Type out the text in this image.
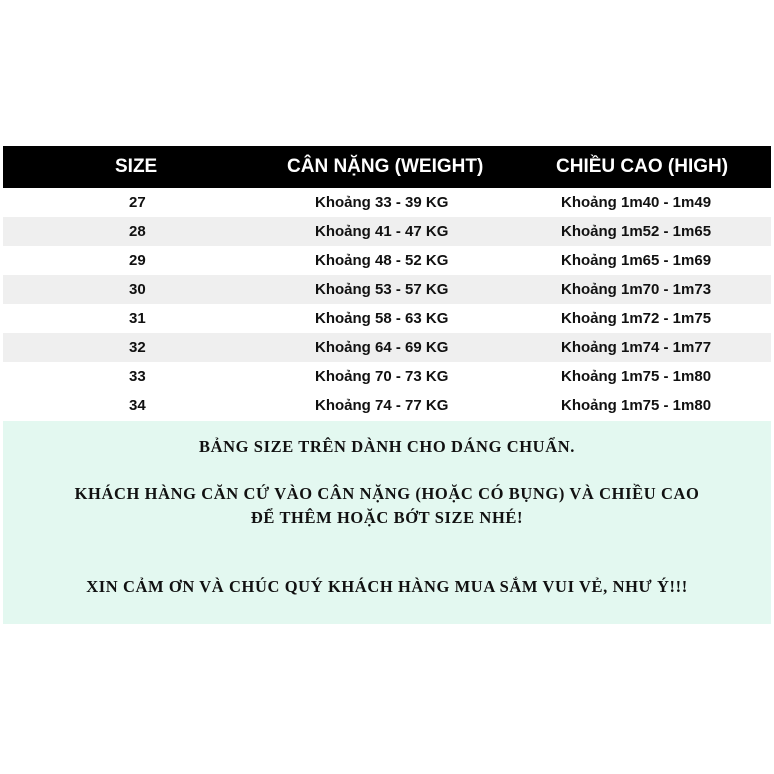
SIZE	CÂN NẶNG (WEIGHT)	CHIỀU CAO (HIGH)
27	Khoảng 33 - 39 KG	Khoảng 1m40 - 1m49
28	Khoảng 41 - 47 KG	Khoảng 1m52 - 1m65
29	Khoảng 48 - 52 KG	Khoảng 1m65 - 1m69
30	Khoảng 53 - 57 KG	Khoảng 1m70 - 1m73
31	Khoảng 58 - 63 KG	Khoảng 1m72 - 1m75
32	Khoảng 64 - 69 KG	Khoảng 1m74 - 1m77
33	Khoảng 70 - 73 KG	Khoảng 1m75 - 1m80
34	Khoảng 74 - 77 KG	Khoảng 1m75 - 1m80

BẢNG SIZE TRÊN DÀNH CHO DÁNG CHUẨN.

KHÁCH HÀNG CĂN CỨ VÀO CÂN NẶNG (HOẶC CÓ BỤNG) VÀ CHIỀU CAO

ĐỂ THÊM HOẶC BỚT SIZE NHÉ!

XIN CẢM ƠN VÀ CHÚC QUÝ KHÁCH HÀNG MUA SẮM VUI VẺ, NHƯ Ý!!!
